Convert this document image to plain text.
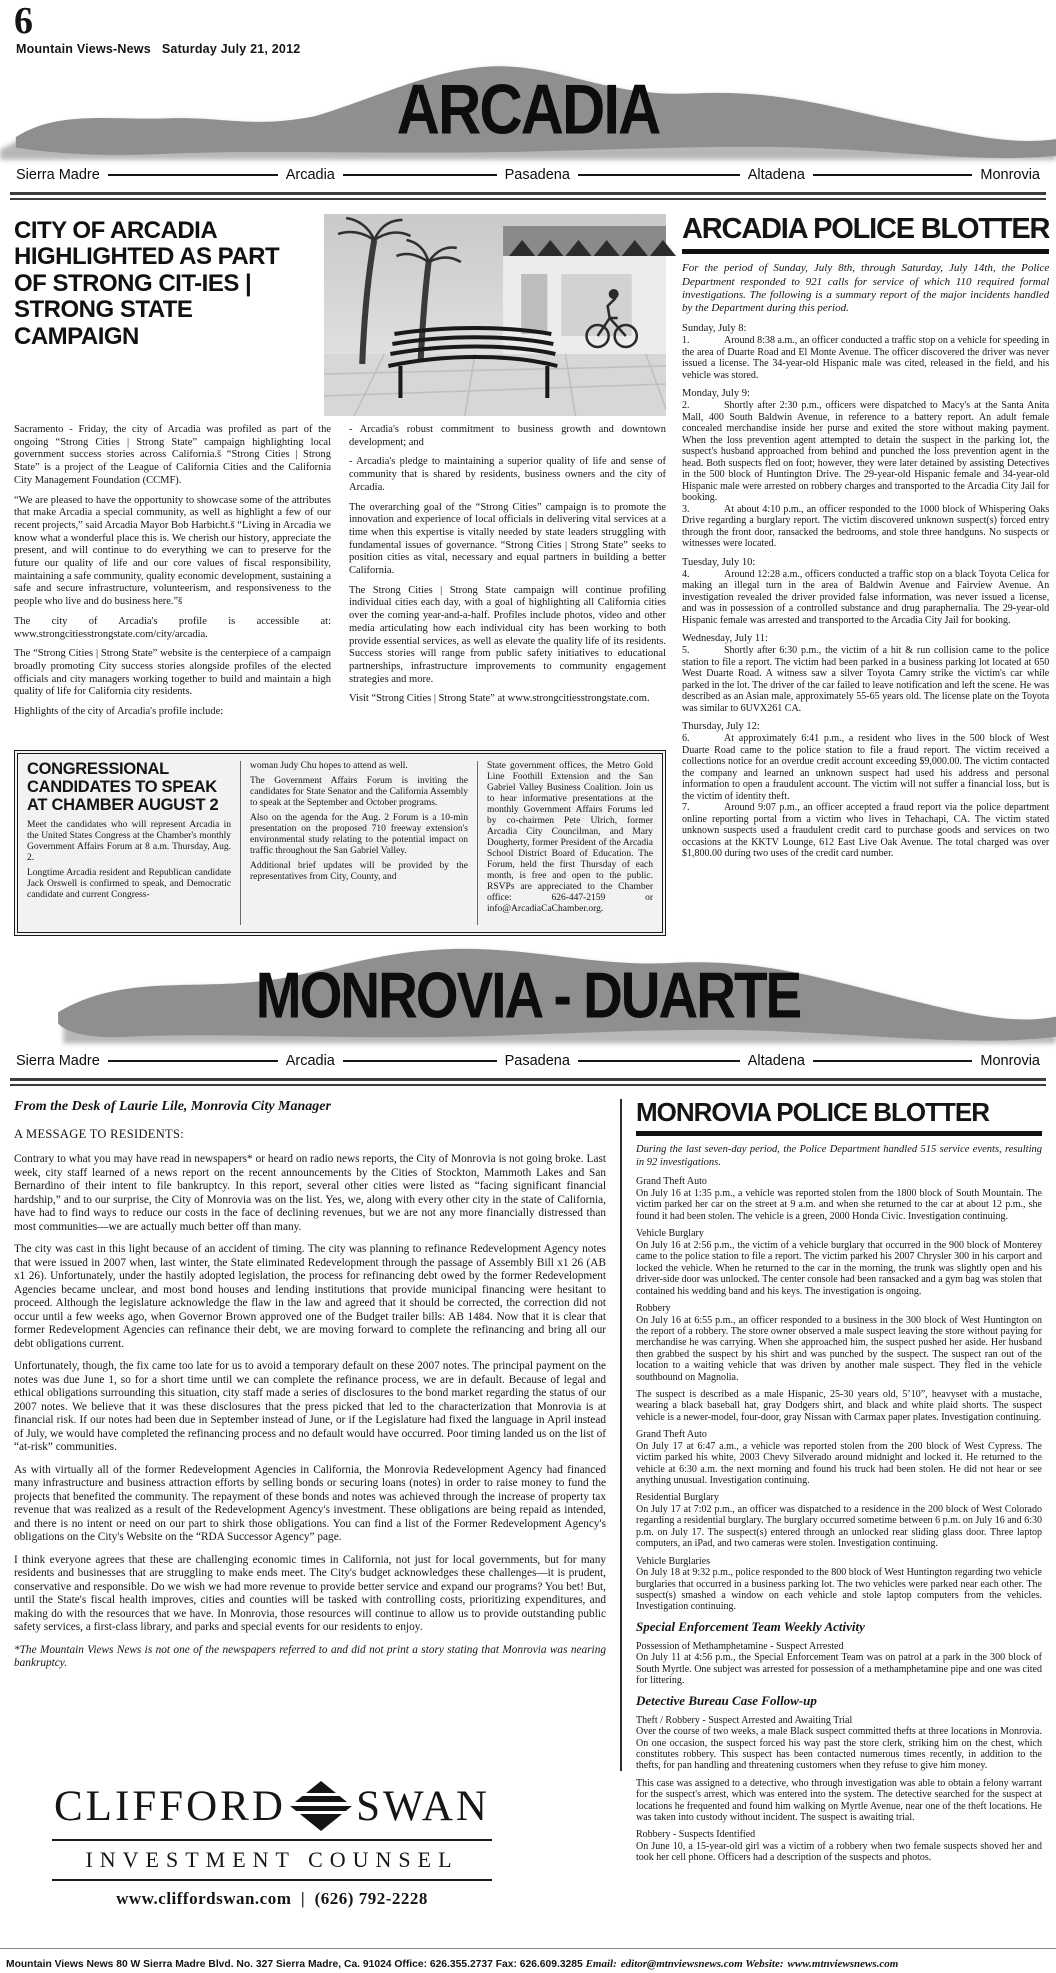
6
Mountain Views-News Saturday July 21, 2012
ARCADIA
Sierra Madre	Arcadia	Pasadena	Altadena	Monrovia
CITY OF ARCADIA HIGHLIGHTED AS PART OF STRONG CIT-IES | STRONG STATE CAMPAIGN

Sacramento - Friday, the city of Arcadia was profiled as part of the ongoing “Strong Cities | Strong State” campaign highlighting local government success stories across California.š “Strong Cities | Strong State” is a project of the League of California Cities and the California City Management Foundation (CCMF).

“We are pleased to have the opportunity to showcase some of the attributes that make Arcadia a special community, as well as highlight a few of our recent projects,” said Arcadia Mayor Bob Harbicht.š “Living in Arcadia we know what a wonderful place this is. We cherish our history, appreciate the present, and will continue to do everything we can to preserve for the future our quality of life and our core values of fiscal responsibility, maintaining a safe community, quality economic development, sustaining a safe and secure infrastructure, volunteerism, and responsiveness to the people who live and do business here.”š

The city of Arcadia's profile is accessible at: www.strongcitiesstrongstate.com/city/arcadia.

The “Strong Cities | Strong State” website is the centerpiece of a campaign broadly promoting City success stories alongside profiles of the elected officials and city managers working together to build and maintain a high quality of life for California city residents.

Highlights of the city of Arcadia's profile include:

- Arcadia's robust commitment to business growth and downtown development; and

- Arcadia's pledge to maintaining a superior quality of life and sense of community that is shared by residents, business owners and the city of Arcadia.

The overarching goal of the “Strong Cities” campaign is to promote the innovation and experience of local officials in delivering vital services at a time when this expertise is vitally needed by state leaders struggling with fundamental issues of governance. “Strong Cities | Strong State” seeks to position cities as vital, necessary and equal partners in building a better California.

The Strong Cities | Strong State campaign will continue profiling individual cities each day, with a goal of highlighting all California cities over the coming year-and-a-half. Profiles include photos, video and other media articulating how each individual city has been working to both provide essential services, as well as elevate the quality life of its residents. Success stories will range from public safety initiatives to educational partnerships, infrastructure improvements to community engagement strategies and more.

Visit “Strong Cities | Strong State” at www.strongcitiesstrongstate.com.

CONGRESSIONAL CANDIDATES TO SPEAK AT CHAMBER AUGUST 2

Meet the candidates who will represent Arcadia in the United States Congress at the Chamber's monthly Government Affairs Forum at 8 a.m. Thursday, Aug. 2.

Longtime Arcadia resident and Republican candidate Jack Orswell is confirmed to speak, and Democratic candidate and current Congress-

woman Judy Chu hopes to attend as well.

The Government Affairs Forum is inviting the candidates for State Senator and the California Assembly to speak at the September and October programs.

Also on the agenda for the Aug. 2 Forum is a 10-min presentation on the proposed 710 freeway extension's environmental study relating to the potential impact on traffic throughout the San Gabriel Valley.

Additional brief updates will be provided by the representatives from City, County, and

State government offices, the Metro Gold Line Foothill Extension and the San Gabriel Valley Business Coalition. Join us to hear informative presentations at the monthly Government Affairs Forums led by co-chairmen Pete Ulrich, former Arcadia City Councilman, and Mary Dougherty, former President of the Arcadia School District Board of Education. The Forum, held the first Thursday of each month, is free and open to the public. RSVPs are appreciated to the Chamber office: 626-447-2159 or info@ArcadiaCaChamber.org.

ARCADIA POLICE BLOTTER
For the period of Sunday, July 8th, through Saturday, July 14th, the Police Department responded to 921 calls for service of which 110 required formal investigations. The following is a summary report of the major incidents handled by the Department during this period.
Sunday, July 8:

1.	Around 8:38 a.m., an officer conducted a traffic stop on a vehicle for speeding in the area of Duarte Road and El Monte Avenue. The officer discovered the driver was never issued a license. The 34-year-old Hispanic male was cited, released in the field, and his vehicle was stored.

Monday, July 9:

2.	Shortly after 2:30 p.m., officers were dispatched to Macy's at the Santa Anita Mall, 400 South Baldwin Avenue, in reference to a battery report. An adult female concealed merchandise inside her purse and exited the store without making payment. When the loss prevention agent attempted to detain the suspect in the parking lot, the suspect's husband approached from behind and punched the loss prevention agent in the head. Both suspects fled on foot; however, they were later detained by assisting Detectives in the 500 block of Huntington Drive. The 29-year-old Hispanic female and 34-year-old Hispanic male were arrested on robbery charges and transported to the Arcadia City Jail for booking.

3.	At about 4:10 p.m., an officer responded to the 1000 block of Whispering Oaks Drive regarding a burglary report. The victim discovered unknown suspect(s) forced entry through the front door, ransacked the bedrooms, and stole three handguns. No suspects or witnesses were located.

Tuesday, July 10:

4.	Around 12:28 a.m., officers conducted a traffic stop on a black Toyota Celica for making an illegal turn in the area of Baldwin Avenue and Fairview Avenue. An investigation revealed the driver provided false information, was never issued a license, and was in possession of a controlled substance and drug paraphernalia. The 29-year-old Hispanic female was arrested and transported to the Arcadia City Jail for booking.

Wednesday, July 11:

5.	Shortly after 6:30 p.m., the victim of a hit & run collision came to the police station to file a report. The victim had been parked in a business parking lot located at 650 West Duarte Road. A witness saw a silver Toyota Camry strike the victim's car while parked in the lot. The driver of the car failed to leave notification and left the scene. He was described as an Asian male, approximately 55-65 years old. The license plate on the Toyota was similar to 6UVX261 CA.

Thursday, July 12:

6.	At approximately 6:41 p.m., a resident who lives in the 500 block of West Duarte Road came to the police station to file a fraud report. The victim received a collections notice for an overdue credit account exceeding $9,000.00. The victim contacted the company and learned an unknown suspect had used his address and personal information to open a fraudulent account. The victim will not suffer a financial loss, but is the victim of identity theft.

7.	Around 9:07 p.m., an officer accepted a fraud report via the police department online reporting portal from a victim who lives in Tehachapi, CA. The victim stated unknown suspects used a fraudulent credit card to purchase goods and services on two occasions at the KKTV Lounge, 612 East Live Oak Avenue. The total charged was over $1,800.00 during two uses of the credit card number.

MONROVIA - DUARTE
Sierra Madre	Arcadia	Pasadena	Altadena	Monrovia
From the Desk of Laurie Lile, Monrovia City Manager
A MESSAGE TO RESIDENTS:

Contrary to what you may have read in newspapers* or heard on radio news reports, the City of Monrovia is not going broke. Last week, city staff learned of a news report on the recent announcements by the Cities of Stockton, Mammoth Lakes and San Bernardino of their intent to file bankruptcy. In this report, several other cities were listed as “facing significant financial hardship,” and to our surprise, the City of Monrovia was on the list. Yes, we, along with every other city in the state of California, have had to find ways to reduce our costs in the face of declining revenues, but we are not any more financially distressed than most communities—we are actually much better off than many.

The city was cast in this light because of an accident of timing. The city was planning to refinance Redevelopment Agency notes that were issued in 2007 when, last winter, the State eliminated Redevelopment through the passage of Assembly Bill x1 26 (AB x1 26). Unfortunately, under the hastily adopted legislation, the process for refinancing debt owed by the former Redevelopment Agencies became unclear, and most bond houses and lending institutions that provide municipal financing were hesitant to proceed. Although the legislature acknowledge the flaw in the law and agreed that it should be corrected, the correction did not occur until a few weeks ago, when Governor Brown approved one of the Budget trailer bills: AB 1484. Now that it is clear that former Redevelopment Agencies can refinance their debt, we are moving forward to complete the refinancing and bring all our debt obligations current.

Unfortunately, though, the fix came too late for us to avoid a temporary default on these 2007 notes. The principal payment on the notes was due June 1, so for a short time until we can complete the refinance process, we are in default. Because of legal and ethical obligations surrounding this situation, city staff made a series of disclosures to the bond market regarding the status of our 2007 notes. We believe that it was these disclosures that the press picked that led to the characterization that Monrovia is at financial risk. If our notes had been due in September instead of June, or if the Legislature had fixed the language in April instead of July, we would have completed the refinancing process and no default would have occurred. Poor timing landed us on the list of “at-risk” communities.

As with virtually all of the former Redevelopment Agencies in California, the Monrovia Redevelopment Agency had financed many infrastructure and business attraction efforts by selling bonds or securing loans (notes) in order to raise money to fund the projects that benefited the community. The repayment of these bonds and notes was achieved through the increase of property tax revenue that was realized as a result of the Redevelopment Agency's investment. These obligations are being repaid as intended, and there is no intent or need on our part to shirk those obligations. You can find a list of the Former Redevelopment Agency's obligations on the City's Website on the “RDA Successor Agency” page.

I think everyone agrees that these are challenging economic times in California, not just for local governments, but for many residents and businesses that are struggling to make ends meet. The City's budget acknowledges these challenges—it is prudent, conservative and responsible. Do we wish we had more revenue to provide better service and expand our programs? You bet! But, until the State's fiscal health improves, cities and counties will be tasked with controlling costs, prioritizing expenditures, and making do with the resources that we have. In Monrovia, those resources will continue to allow us to provide outstanding public safety services, a first-class library, and parks and special events for our residents to enjoy.

*The Mountain Views News is not one of the newspapers referred to and did not print a story stating that Monrovia was nearing bankruptcy.
MONROVIA POLICE BLOTTER
During the last seven-day period, the Police Department handled 515 service events, resulting in 92 investigations.
Grand Theft Auto

On July 16 at 1:35 p.m., a vehicle was reported stolen from the 1800 block of South Mountain. The victim parked her car on the street at 9 a.m. and when she returned to the car at about 12 p.m., she found it had been stolen. The vehicle is a green, 2000 Honda Civic. Investigation continuing.

Vehicle Burglary

On July 16 at 2:56 p.m., the victim of a vehicle burglary that occurred in the 900 block of Monterey came to the police station to file a report. The victim parked his 2007 Chrysler 300 in his carport and locked the vehicle. When he returned to the car in the morning, the trunk was slightly open and his driver-side door was unlocked. The center console had been ransacked and a gym bag was stolen that contained his wedding band and his keys. The investigation is ongoing.

Robbery

On July 16 at 6:55 p.m., an officer responded to a business in the 300 block of West Huntington on the report of a robbery. The store owner observed a male suspect leaving the store without paying for merchandise he was carrying. When she approached him, the suspect pushed her aside. Her husband then grabbed the suspect by his shirt and was punched by the suspect. The suspect ran out of the location to a waiting vehicle that was driven by another male suspect. They fled in the vehicle southbound on Magnolia.

The suspect is described as a male Hispanic, 25-30 years old, 5’10”, heavyset with a mustache, wearing a black baseball hat, gray Dodgers shirt, and black and white plaid shorts. The suspect vehicle is a newer-model, four-door, gray Nissan with Carmax paper plates. Investigation continuing.

Grand Theft Auto

On July 17 at 6:47 a.m., a vehicle was reported stolen from the 200 block of West Cypress. The victim parked his white, 2003 Chevy Silverado around midnight and locked it. He returned to the vehicle at 6:30 a.m. the next morning and found his truck had been stolen. He did not hear or see anything unusual. Investigation continuing.

Residential Burglary

On July 17 at 7:02 p.m., an officer was dispatched to a residence in the 200 block of West Colorado regarding a residential burglary. The burglary occurred sometime between 6 p.m. on July 16 and 6:30 p.m. on July 17. The suspect(s) entered through an unlocked rear sliding glass door. Three laptop computers, an iPad, and two cameras were stolen. Investigation continuing.

Vehicle Burglaries

On July 18 at 9:32 p.m., police responded to the 800 block of West Huntington regarding two vehicle burglaries that occurred in a business parking lot. The two vehicles were parked near each other. The suspect(s) smashed a window on each vehicle and stole laptop computers from the vehicles. Investigation continuing.

Special Enforcement Team Weekly Activity
Possession of Methamphetamine - Suspect Arrested

On July 11 at 4:56 p.m., the Special Enforcement Team was on patrol at a park in the 300 block of South Myrtle. One subject was arrested for possession of a methamphetamine pipe and one was cited for littering.

Detective Bureau Case Follow-up
Theft / Robbery - Suspect Arrested and Awaiting Trial

Over the course of two weeks, a male Black suspect committed thefts at three locations in Monrovia. On one occasion, the suspect forced his way past the store clerk, striking him on the chest, which constitutes robbery. This suspect has been contacted numerous times recently, in addition to the thefts, for pan handling and threatening customers when they refuse to give him money.

This case was assigned to a detective, who through investigation was able to obtain a felony warrant for the suspect's arrest, which was entered into the system. The detective searched for the suspect at locations he frequented and found him walking on Myrtle Avenue, near one of the theft locations. He was taken into custody without incident. The suspect is awaiting trial.

Robbery - Suspects Identified

On June 10, a 15-year-old girl was a victim of a robbery when two female suspects shoved her and took her cell phone. Officers had a description of the suspects and photos.

CLIFFORD SWAN
INVESTMENT COUNSEL
www.cliffordswan.com | (626) 792-2228
Mountain Views News 80 W Sierra Madre Blvd. No. 327 Sierra Madre, Ca. 91024 Office: 626.355.2737 Fax: 626.609.3285 Email: editor@mtnviewsnews.com Website: www.mtnviewsnews.com
